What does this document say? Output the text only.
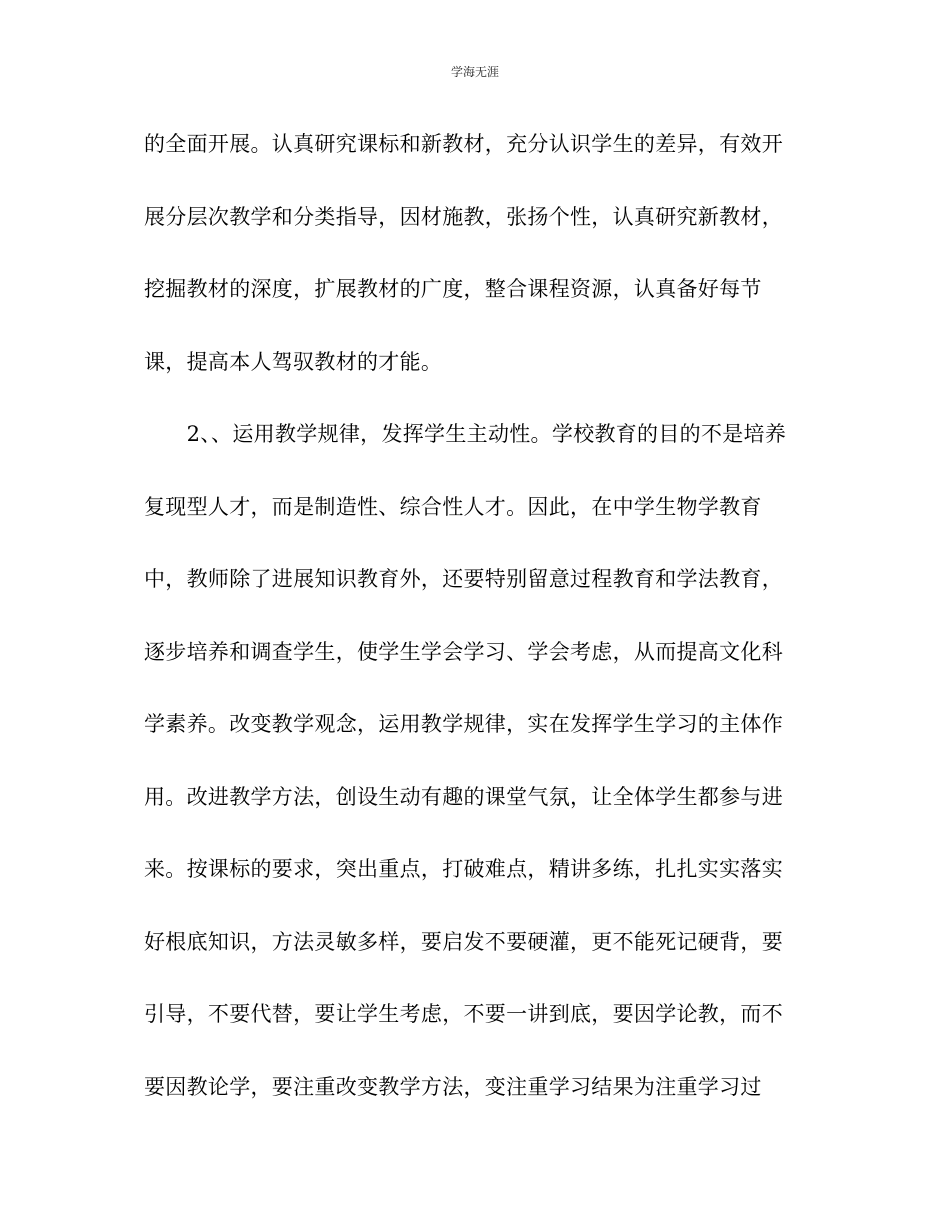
学海无涯
的全面开展。认真研究课标和新教材，充分认识学生的差异，有效开
展分层次教学和分类指导，因材施教，张扬个性，认真研究新教材，
挖掘教材的深度，扩展教材的广度，整合课程资源，认真备好每节
课，提高本人驾驭教材的才能。
　　2、、运用教学规律，发挥学生主动性。学校教育的目的不是培养
复现型人才，而是制造性、综合性人才。因此，在中学生物学教育
中，教师除了进展知识教育外，还要特别留意过程教育和学法教育，
逐步培养和调查学生，使学生学会学习、学会考虑，从而提高文化科
学素养。改变教学观念，运用教学规律，实在发挥学生学习的主体作
用。改进教学方法，创设生动有趣的课堂气氛，让全体学生都参与进
来。按课标的要求，突出重点，打破难点，精讲多练，扎扎实实落实
好根底知识，方法灵敏多样，要启发不要硬灌，更不能死记硬背，要
引导，不要代替，要让学生考虑，不要一讲到底，要因学论教，而不
要因教论学，要注重改变教学方法，变注重学习结果为注重学习过
